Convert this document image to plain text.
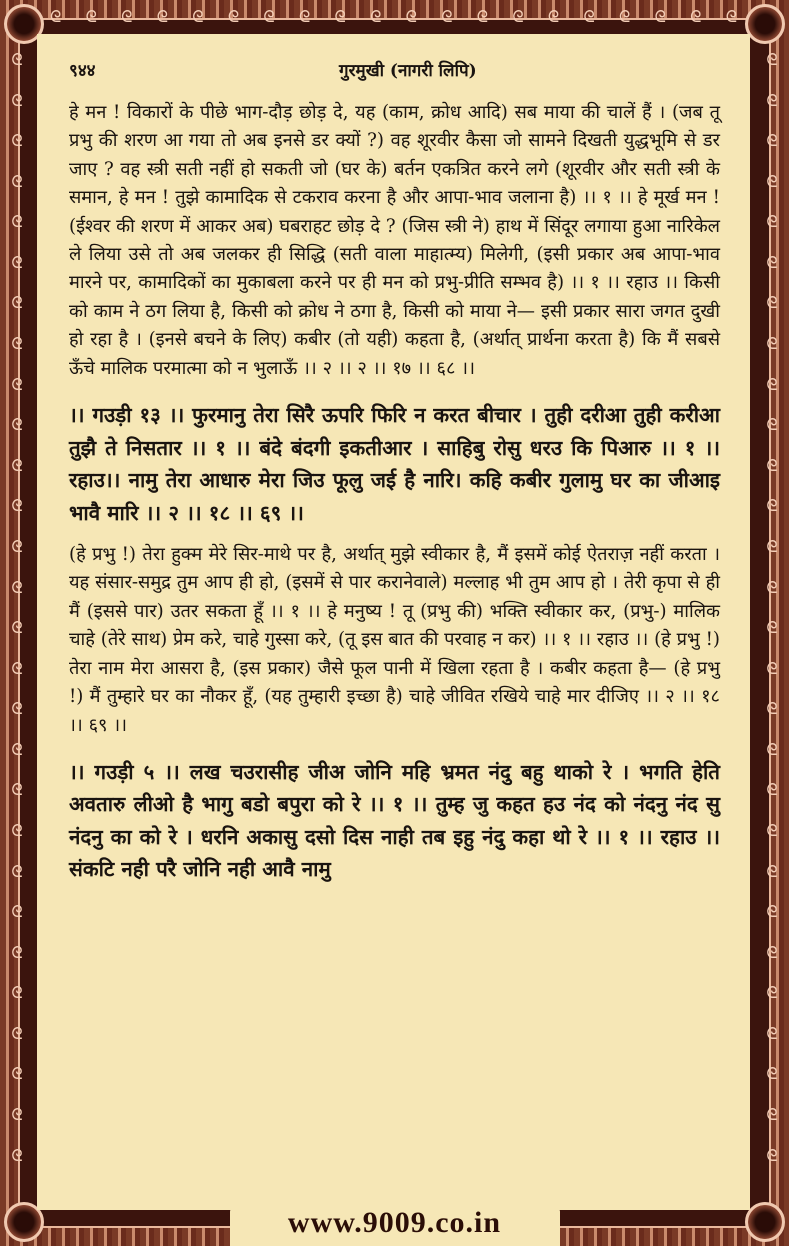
ᘓ ᘓ ᘓ ᘓ ᘓ ᘓ ᘓ ᘓ ᘓ ᘓ ᘓ ᘓ ᘓ ᘓ ᘓ ᘓ ᘓ ᘓ ᘓ ᘓ
ᘓ
ᘓ
ᘓ
ᘓ
ᘓ
ᘓ
ᘓ
ᘓ
ᘓ
ᘓ
ᘓ
ᘓ
ᘓ
ᘓ
ᘓ
ᘓ
ᘓ
ᘓ
ᘓ
ᘓ
ᘓ
ᘓ
ᘓ
ᘓ
ᘓ
ᘓ
ᘓ
ᘓ
ᘓ
ᘓ
ᘓ
ᘓ
ᘓ
ᘓ
ᘓ
ᘓ
ᘓ
ᘓ
ᘓ
ᘓ
ᘓ
ᘓ
ᘓ
ᘓ
ᘓ
ᘓ
ᘓ
ᘓ
ᘓ
ᘓ
ᘓ
ᘓ
ᘓ
ᘓ
ᘓ
ᘓ
९४४	गुरमुखी (नागरी लिपि)

हे मन ! विकारों के पीछे भाग-दौड़ छोड़ दे, यह (काम, क्रोध आदि) सब माया की चालें हैं । (जब तू प्रभु की शरण आ गया तो अब इनसे डर क्यों ?) वह शूरवीर कैसा जो सामने दिखती युद्धभूमि से डर जाए ? वह स्त्री सती नहीं हो सकती जो (घर के) बर्तन एकत्रित करने लगे (शूरवीर और सती स्त्री के समान, हे मन ! तुझे कामादिक से टकराव करना है और आपा-भाव जलाना है) ।। १ ।। हे मूर्ख मन ! (ईश्वर की शरण में आकर अब) घबराहट छोड़ दे ? (जिस स्त्री ने) हाथ में सिंदूर लगाया हुआ नारिकेल ले लिया उसे तो अब जलकर ही सिद्धि (सती वाला माहात्म्य) मिलेगी, (इसी प्रकार अब आपा-भाव मारने पर, कामादिकों का मुकाबला करने पर ही मन को प्रभु-प्रीति सम्भव है) ।। १ ।। रहाउ ।। किसी को काम ने ठग लिया है, किसी को क्रोध ने ठगा है, किसी को माया ने— इसी प्रकार सारा जगत दुखी हो रहा है । (इनसे बचने के लिए) कबीर (तो यही) कहता है, (अर्थात् प्रार्थना करता है) कि मैं सबसे ऊँचे मालिक परमात्मा को न भुलाऊँ ।। २ ।। २ ।। १७ ।। ६८ ।।

।। गउड़ी १३ ।। फुरमानु तेरा सिरै ऊपरि फिरि न करत बीचार । तुही दरीआ तुही करीआ तुझै ते निसतार ।। १ ।। बंदे बंदगी इकतीआर । साहिबु रोसु धरउ कि पिआरु ।। १ ।। रहाउ।। नामु तेरा आधारु मेरा जिउ फूलु जई है नारि। कहि कबीर गुलामु घर का जीआइ भावै मारि ।। २ ।। १८ ।। ६९ ।।

(हे प्रभु !) तेरा हुक्म मेरे सिर-माथे पर है, अर्थात् मुझे स्वीकार है, मैं इसमें कोई ऐतराज़ नहीं करता । यह संसार-समुद्र तुम आप ही हो, (इसमें से पार करानेवाले) मल्लाह भी तुम आप हो । तेरी कृपा से ही मैं (इससे पार) उतर सकता हूँ ।। १ ।। हे मनुष्य ! तू (प्रभु की) भक्ति स्वीकार कर, (प्रभु-) मालिक चाहे (तेरे साथ) प्रेम करे, चाहे गुस्सा करे, (तू इस बात की परवाह न कर) ।। १ ।। रहाउ ।। (हे प्रभु !) तेरा नाम मेरा आसरा है, (इस प्रकार) जैसे फूल पानी में खिला रहता है । कबीर कहता है— (हे प्रभु !) मैं तुम्हारे घर का नौकर हूँ, (यह तुम्हारी इच्छा है) चाहे जीवित रखिये चाहे मार दीजिए ।। २ ।। १८ ।। ६९ ।।

।। गउड़ी ५ ।। लख चउरासीह जीअ जोनि महि भ्रमत नंदु बहु थाको रे । भगति हेति अवतारु लीओ है भागु बडो बपुरा को रे ।। १ ।। तुम्ह जु कहत हउ नंद को नंदनु नंद सु नंदनु का को रे । धरनि अकासु दसो दिस नाही तब इहु नंदु कहा थो रे ।। १ ।। रहाउ ।। संकटि नही परै जोनि नही आवै नामु

www.9009.co.in
